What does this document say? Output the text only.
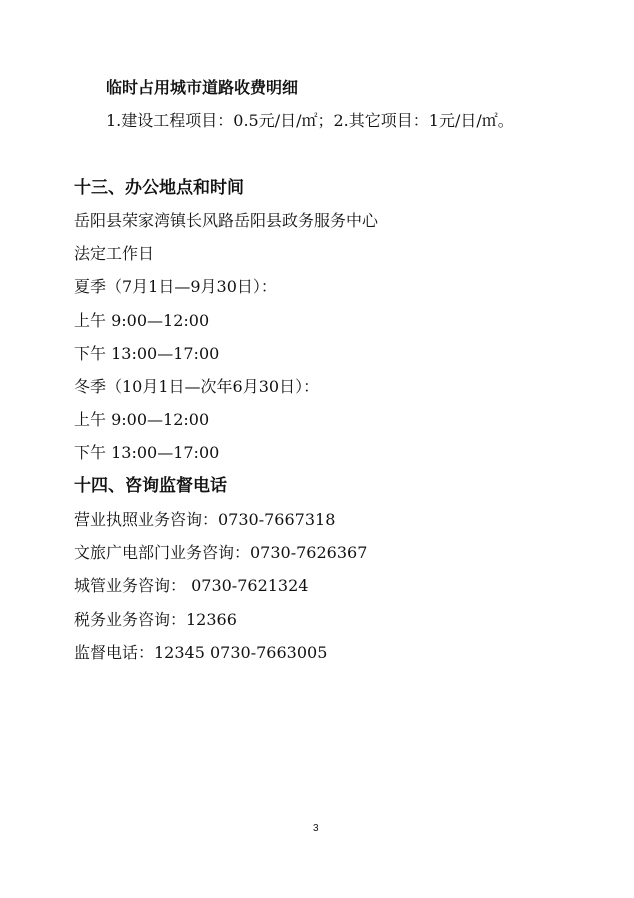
临时占用城市道路收费明细
1.建设工程项目：0.5元/日/㎡；2.其它项目：1元/日/㎡。
十三、办公地点和时间
岳阳县荣家湾镇长风路岳阳县政务服务中心
法定工作日
夏季（7月1日—9月30日）：
上午 9:00—12:00
下午 13:00—17:00
冬季（10月1日—次年6月30日）：
上午 9:00—12:00
下午 13:00—17:00
十四、咨询监督电话
营业执照业务咨询：0730-7667318
文旅广电部门业务咨询：0730-7626367
城管业务咨询： 0730-7621324
税务业务咨询：12366
监督电话：12345 0730-7663005
3
